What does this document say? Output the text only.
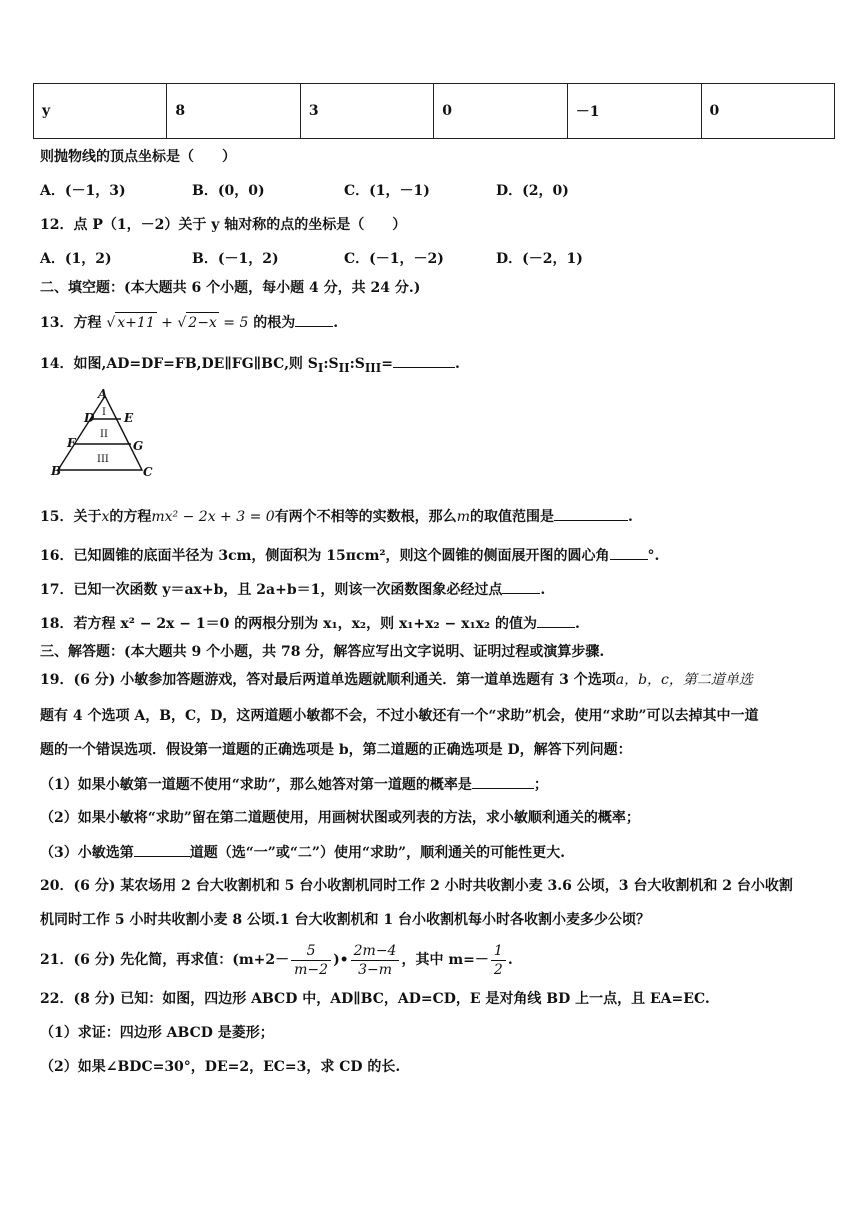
y	8	3	0	－1	0
则抛物线的顶点坐标是（　　）
A．(－1，3)	B．(0，0)	C．(1，－1)	D．(2，0)
12．点 P（1，－2）关于 y 轴对称的点的坐标是（　　）
A．(1，2)	B．(－1，2)	C．(－1，－2)	D．(－2，1)
二、填空题：(本大题共 6 个小题，每小题 4 分，共 24 分.)
13．方程 √ x+11 + √ 2−x = 5 的根为	.
14．如图,AD=DF=FB,DE∥FG∥BC,则 $S_I:S_{II}:S_{III}=$	.
A
D E
F	G
B	C
I
II
III
15．关于x的方程mx² − 2x + 3 = 0有两个不相等的实数根，那么m的取值范围是	.
16．已知圆锥的底面半径为 3cm，侧面积为 15πcm²，则这个圆锥的侧面展开图的圆心角	°.
17．已知一次函数 y＝ax+b，且 2a+b＝1，则该一次函数图象必经过点	.
18．若方程 x² − 2x − 1＝0 的两根分别为 x₁，x₂，则 x₁+x₂ − x₁x₂ 的值为	.
三、解答题：(本大题共 9 个小题，共 78 分，解答应写出文字说明、证明过程或演算步骤.
19．(6 分) 小敏参加答题游戏，答对最后两道单选题就顺利通关．第一道单选题有 3 个选项a，b，c，第二道单选
题有 4 个选项 A，B，C，D，这两道题小敏都不会，不过小敏还有一个“求助”机会，使用“求助”可以去掉其中一道
题的一个错误选项．假设第一道题的正确选项是 b，第二道题的正确选项是 D，解答下列问题：
（1）如果小敏第一道题不使用“求助”，那么她答对第一道题的概率是	；
（2）如果小敏将“求助”留在第二道题使用，用画树状图或列表的方法，求小敏顺利通关的概率；
（3）小敏选第	道题（选“一”或“二”）使用“求助”，顺利通关的可能性更大.
20．(6 分) 某农场用 2 台大收割机和 5 台小收割机同时工作 2 小时共收割小麦 3.6 公顷，3 台大收割机和 2 台小收割
机同时工作 5 小时共收割小麦 8 公顷.1 台大收割机和 1 台小收割机每小时各收割小麦多少公顷？
21．(6 分) 先化简，再求值：($m+2- \frac{5}{m-2}$ )• $\frac{2m-4}{3-m}$ ，其中 $m=- \frac{1}{2}$ .
22．(8 分) 已知：如图，四边形 ABCD 中，AD∥BC，AD=CD，E 是对角线 BD 上一点，且 EA=EC.
（1）求证：四边形 ABCD 是菱形；
（2）如果∠BDC=30°，DE=2，EC=3，求 CD 的长.
